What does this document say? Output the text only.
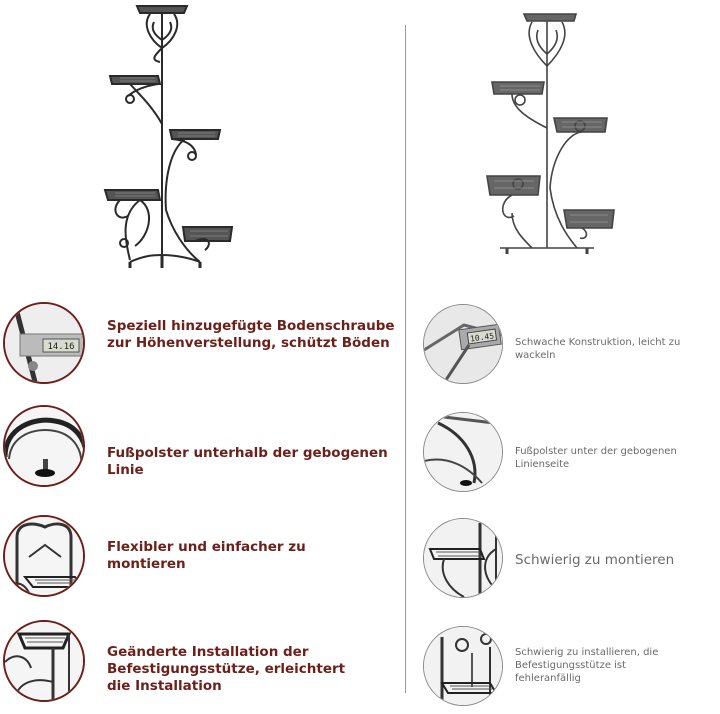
14.16
Speziell hinzugefügte Bodenschraube zur Höhenverstellung, schützt Böden
Fußpolster unterhalb der gebogenen Linie
Flexibler und einfacher zu montieren
Geänderte Installation der Befestigungsstütze, erleichtert die Installation
10.45 Schwache Konstruktion, leicht zu wackeln
Fußpolster unter der gebogenen Linienseite
Schwierig zu montieren
Schwierig zu installieren, die Befestigungsstütze ist fehleranfällig
